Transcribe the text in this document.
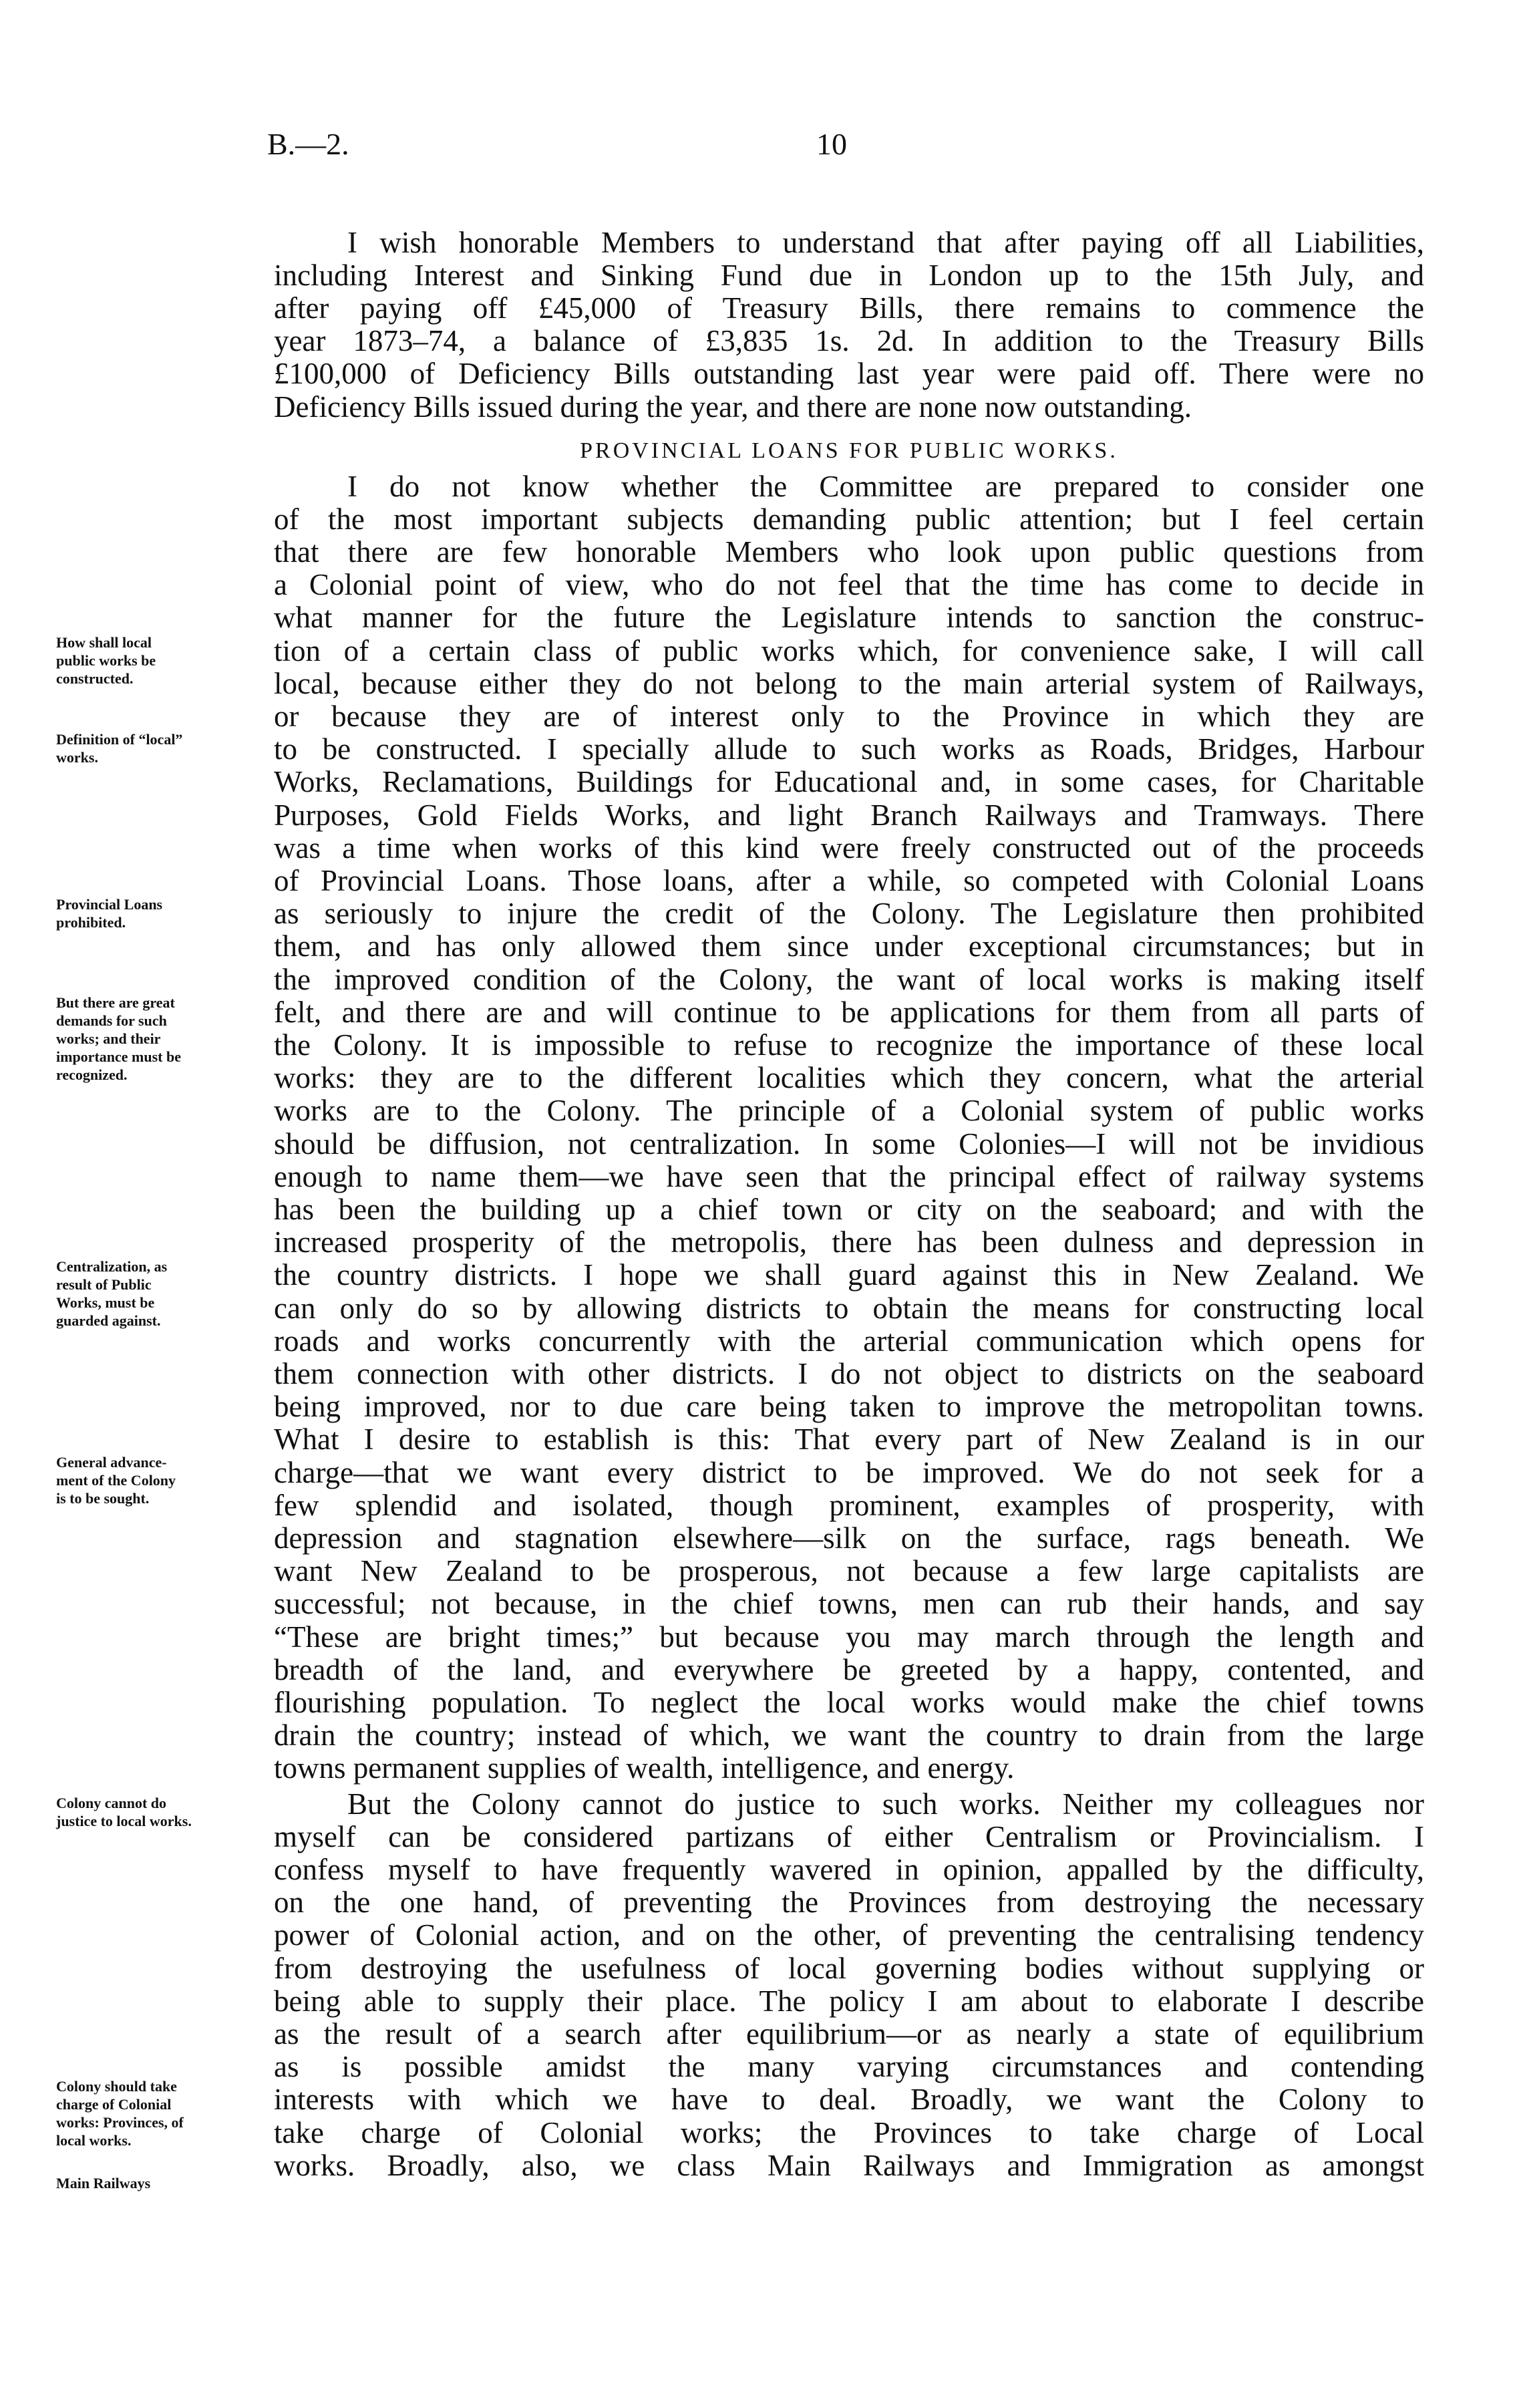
B.—2.	10
PROVINCIAL LOANS FOR PUBLIC WORKS.
I wish honorable Members to understand that after paying off all Liabilities,
including Interest and Sinking Fund due in London up to the 15th July, and
after paying off £45,000 of Treasury Bills, there remains to commence the
year 1873–74, a balance of £3,835 1s. 2d. In addition to the Treasury Bills
£100,000 of Deficiency Bills outstanding last year were paid off. There were no
Deficiency Bills issued during the year, and there are none now outstanding.
I do not know whether the Committee are prepared to consider one
of the most important subjects demanding public attention; but I feel certain
that there are few honorable Members who look upon public questions from
a Colonial point of view, who do not feel that the time has come to decide in
what manner for the future the Legislature intends to sanction the construc-
tion of a certain class of public works which, for convenience sake, I will call
local, because either they do not belong to the main arterial system of Railways,
or because they are of interest only to the Province in which they are
to be constructed. I specially allude to such works as Roads, Bridges, Harbour
Works, Reclamations, Buildings for Educational and, in some cases, for Charitable
Purposes, Gold Fields Works, and light Branch Railways and Tramways. There
was a time when works of this kind were freely constructed out of the proceeds
of Provincial Loans. Those loans, after a while, so competed with Colonial Loans
as seriously to injure the credit of the Colony. The Legislature then prohibited
them, and has only allowed them since under exceptional circumstances; but in
the improved condition of the Colony, the want of local works is making itself
felt, and there are and will continue to be applications for them from all parts of
the Colony. It is impossible to refuse to recognize the importance of these local
works: they are to the different localities which they concern, what the arterial
works are to the Colony. The principle of a Colonial system of public works
should be diffusion, not centralization. In some Colonies—I will not be invidious
enough to name them—we have seen that the principal effect of railway systems
has been the building up a chief town or city on the seaboard; and with the
increased prosperity of the metropolis, there has been dulness and depression in
the country districts. I hope we shall guard against this in New Zealand. We
can only do so by allowing districts to obtain the means for constructing local
roads and works concurrently with the arterial communication which opens for
them connection with other districts. I do not object to districts on the seaboard
being improved, nor to due care being taken to improve the metropolitan towns.
What I desire to establish is this: That every part of New Zealand is in our
charge—that we want every district to be improved. We do not seek for a
few splendid and isolated, though prominent, examples of prosperity, with
depression and stagnation elsewhere—silk on the surface, rags beneath. We
want New Zealand to be prosperous, not because a few large capitalists are
successful; not because, in the chief towns, men can rub their hands, and say
“These are bright times;” but because you may march through the length and
breadth of the land, and everywhere be greeted by a happy, contented, and
flourishing population. To neglect the local works would make the chief towns
drain the country; instead of which, we want the country to drain from the large
towns permanent supplies of wealth, intelligence, and energy.
But the Colony cannot do justice to such works. Neither my colleagues nor
myself can be considered partizans of either Centralism or Provincialism. I
confess myself to have frequently wavered in opinion, appalled by the difficulty,
on the one hand, of preventing the Provinces from destroying the necessary
power of Colonial action, and on the other, of preventing the centralising tendency
from destroying the usefulness of local governing bodies without supplying or
being able to supply their place. The policy I am about to elaborate I describe
as the result of a search after equilibrium—or as nearly a state of equilibrium
as is possible amidst the many varying circumstances and contending
interests with which we have to deal. Broadly, we want the Colony to
take charge of Colonial works; the Provinces to take charge of Local
works. Broadly, also, we class Main Railways and Immigration as amongst
How shall local
public works be
constructed.
Definition of “local”
works.
Provincial Loans
prohibited.
But there are great
demands for such
works; and their
importance must be
recognized.
Centralization, as
result of Public
Works, must be
guarded against.
General advance-
ment of the Colony
is to be sought.
Colony cannot do
justice to local works.
Colony should take
charge of Colonial
works: Provinces, of
local works.
Main Railways
